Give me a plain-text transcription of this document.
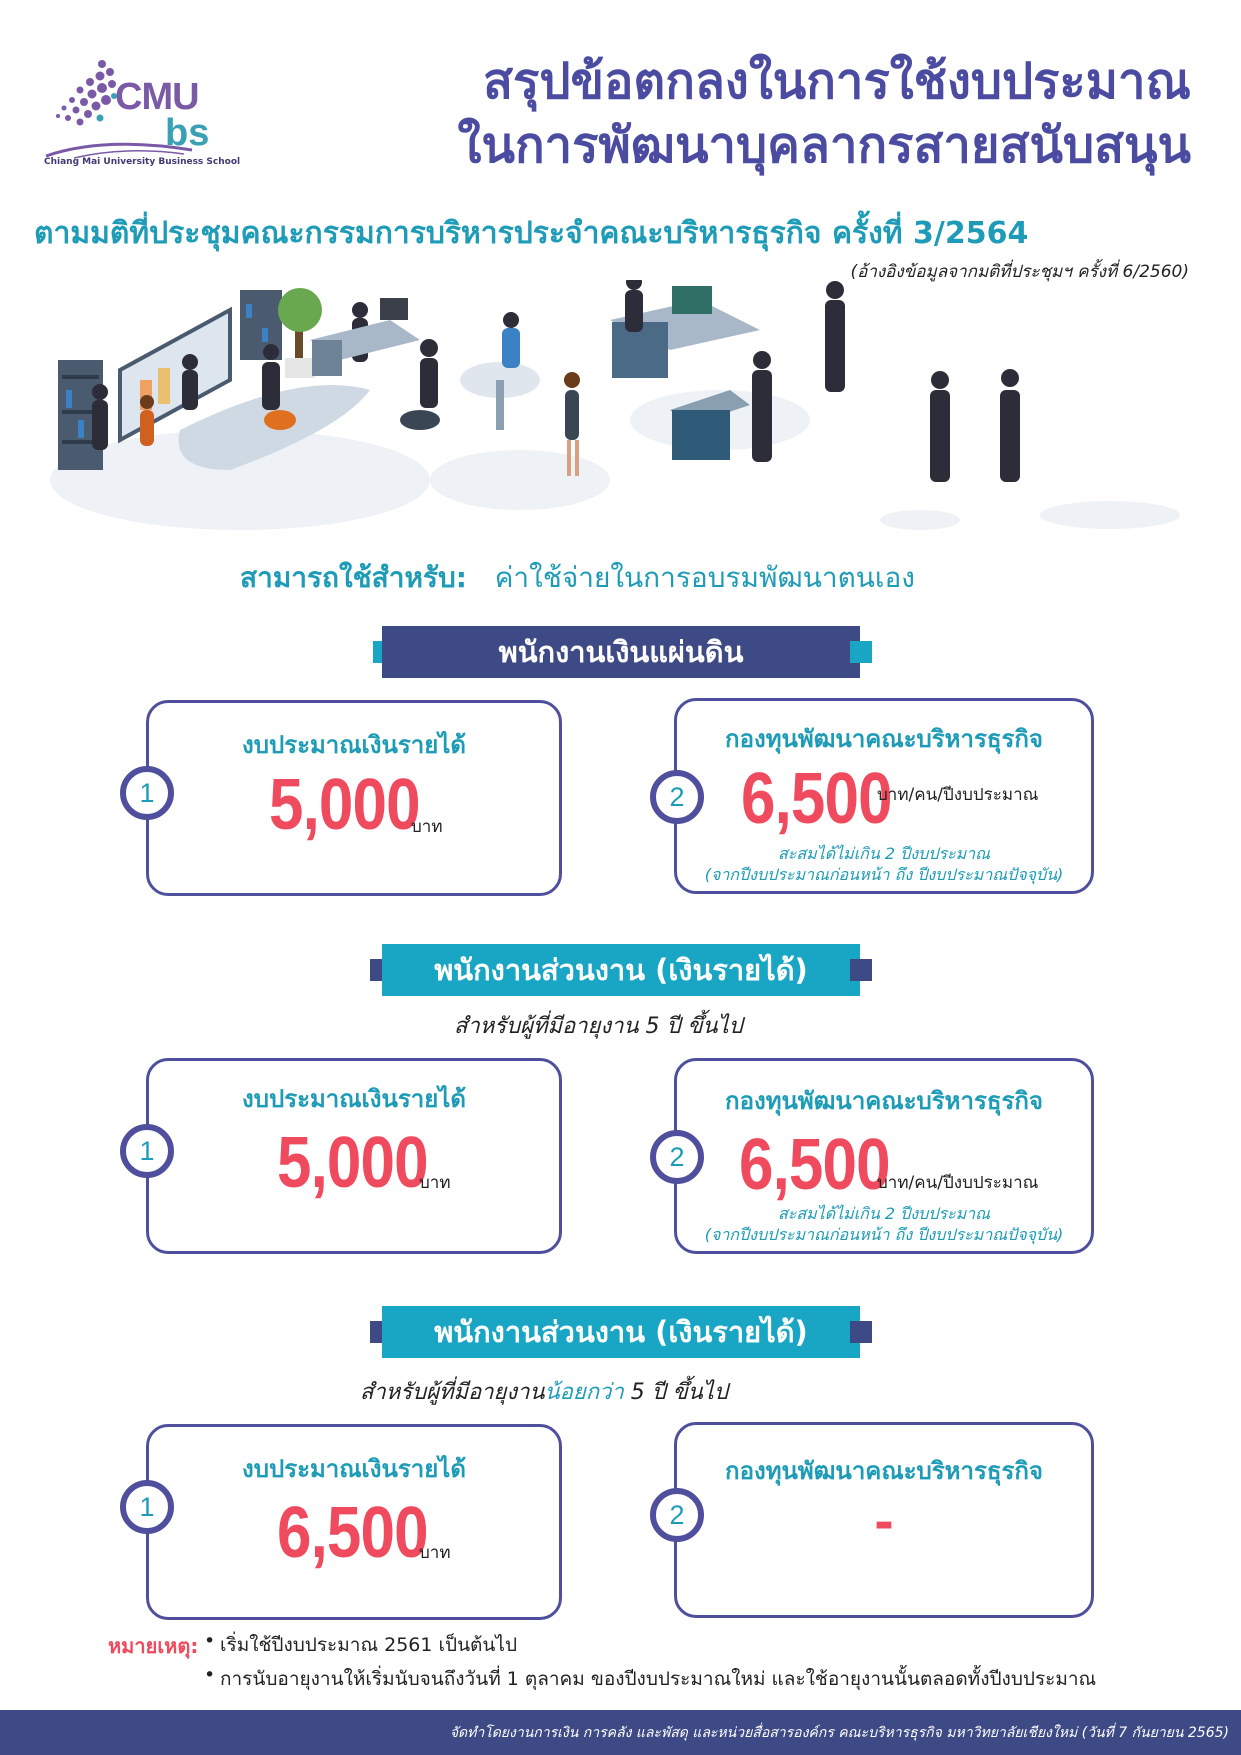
CMU
bs
Chiang Mai University Business School
สรุปข้อตกลงในการใช้งบประมาณ
ในการพัฒนาบุคลากรสายสนับสนุน
ตามมติที่ประชุมคณะกรรมการบริหารประจำคณะบริหารธุรกิจ ครั้งที่ 3/2564
(อ้างอิงข้อมูลจากมติที่ประชุมฯ ครั้งที่ 6/2560)
สามารถใช้สำหรับ: ค่าใช้จ่ายในการอบรมพัฒนาตนเอง
พนักงานเงินแผ่นดิน
งบประมาณเงินรายได้
5,000
บาท
1
กองทุนพัฒนาคณะบริหารธุรกิจ
6,500
บาท/คน/ปีงบประมาณ
สะสมได้ไม่เกิน 2 ปีงบประมาณ
(จากปีงบประมาณก่อนหน้า ถึง ปีงบประมาณปัจจุบัน)
2
พนักงานส่วนงาน (เงินรายได้)
สำหรับผู้ที่มีอายุงาน 5 ปี ขึ้นไป
งบประมาณเงินรายได้
5,000
บาท
1
กองทุนพัฒนาคณะบริหารธุรกิจ
6,500
บาท/คน/ปีงบประมาณ
สะสมได้ไม่เกิน 2 ปีงบประมาณ
(จากปีงบประมาณก่อนหน้า ถึง ปีงบประมาณปัจจุบัน)
2
พนักงานส่วนงาน (เงินรายได้)
สำหรับผู้ที่มีอายุงานน้อยกว่า 5 ปี ขึ้นไป
งบประมาณเงินรายได้
6,500
บาท
1
กองทุนพัฒนาคณะบริหารธุรกิจ
-
2
หมายเหตุ:
• เริ่มใช้ปีงบประมาณ 2561 เป็นต้นไป
• การนับอายุงานให้เริ่มนับจนถึงวันที่ 1 ตุลาคม ของปีงบประมาณใหม่ และใช้อายุงานนั้นตลอดทั้งปีงบประมาณ
จัดทำโดยงานการเงิน การคลัง และพัสดุ และหน่วยสื่อสารองค์กร คณะบริหารธุรกิจ มหาวิทยาลัยเชียงใหม่ (วันที่ 7 กันยายน 2565)
